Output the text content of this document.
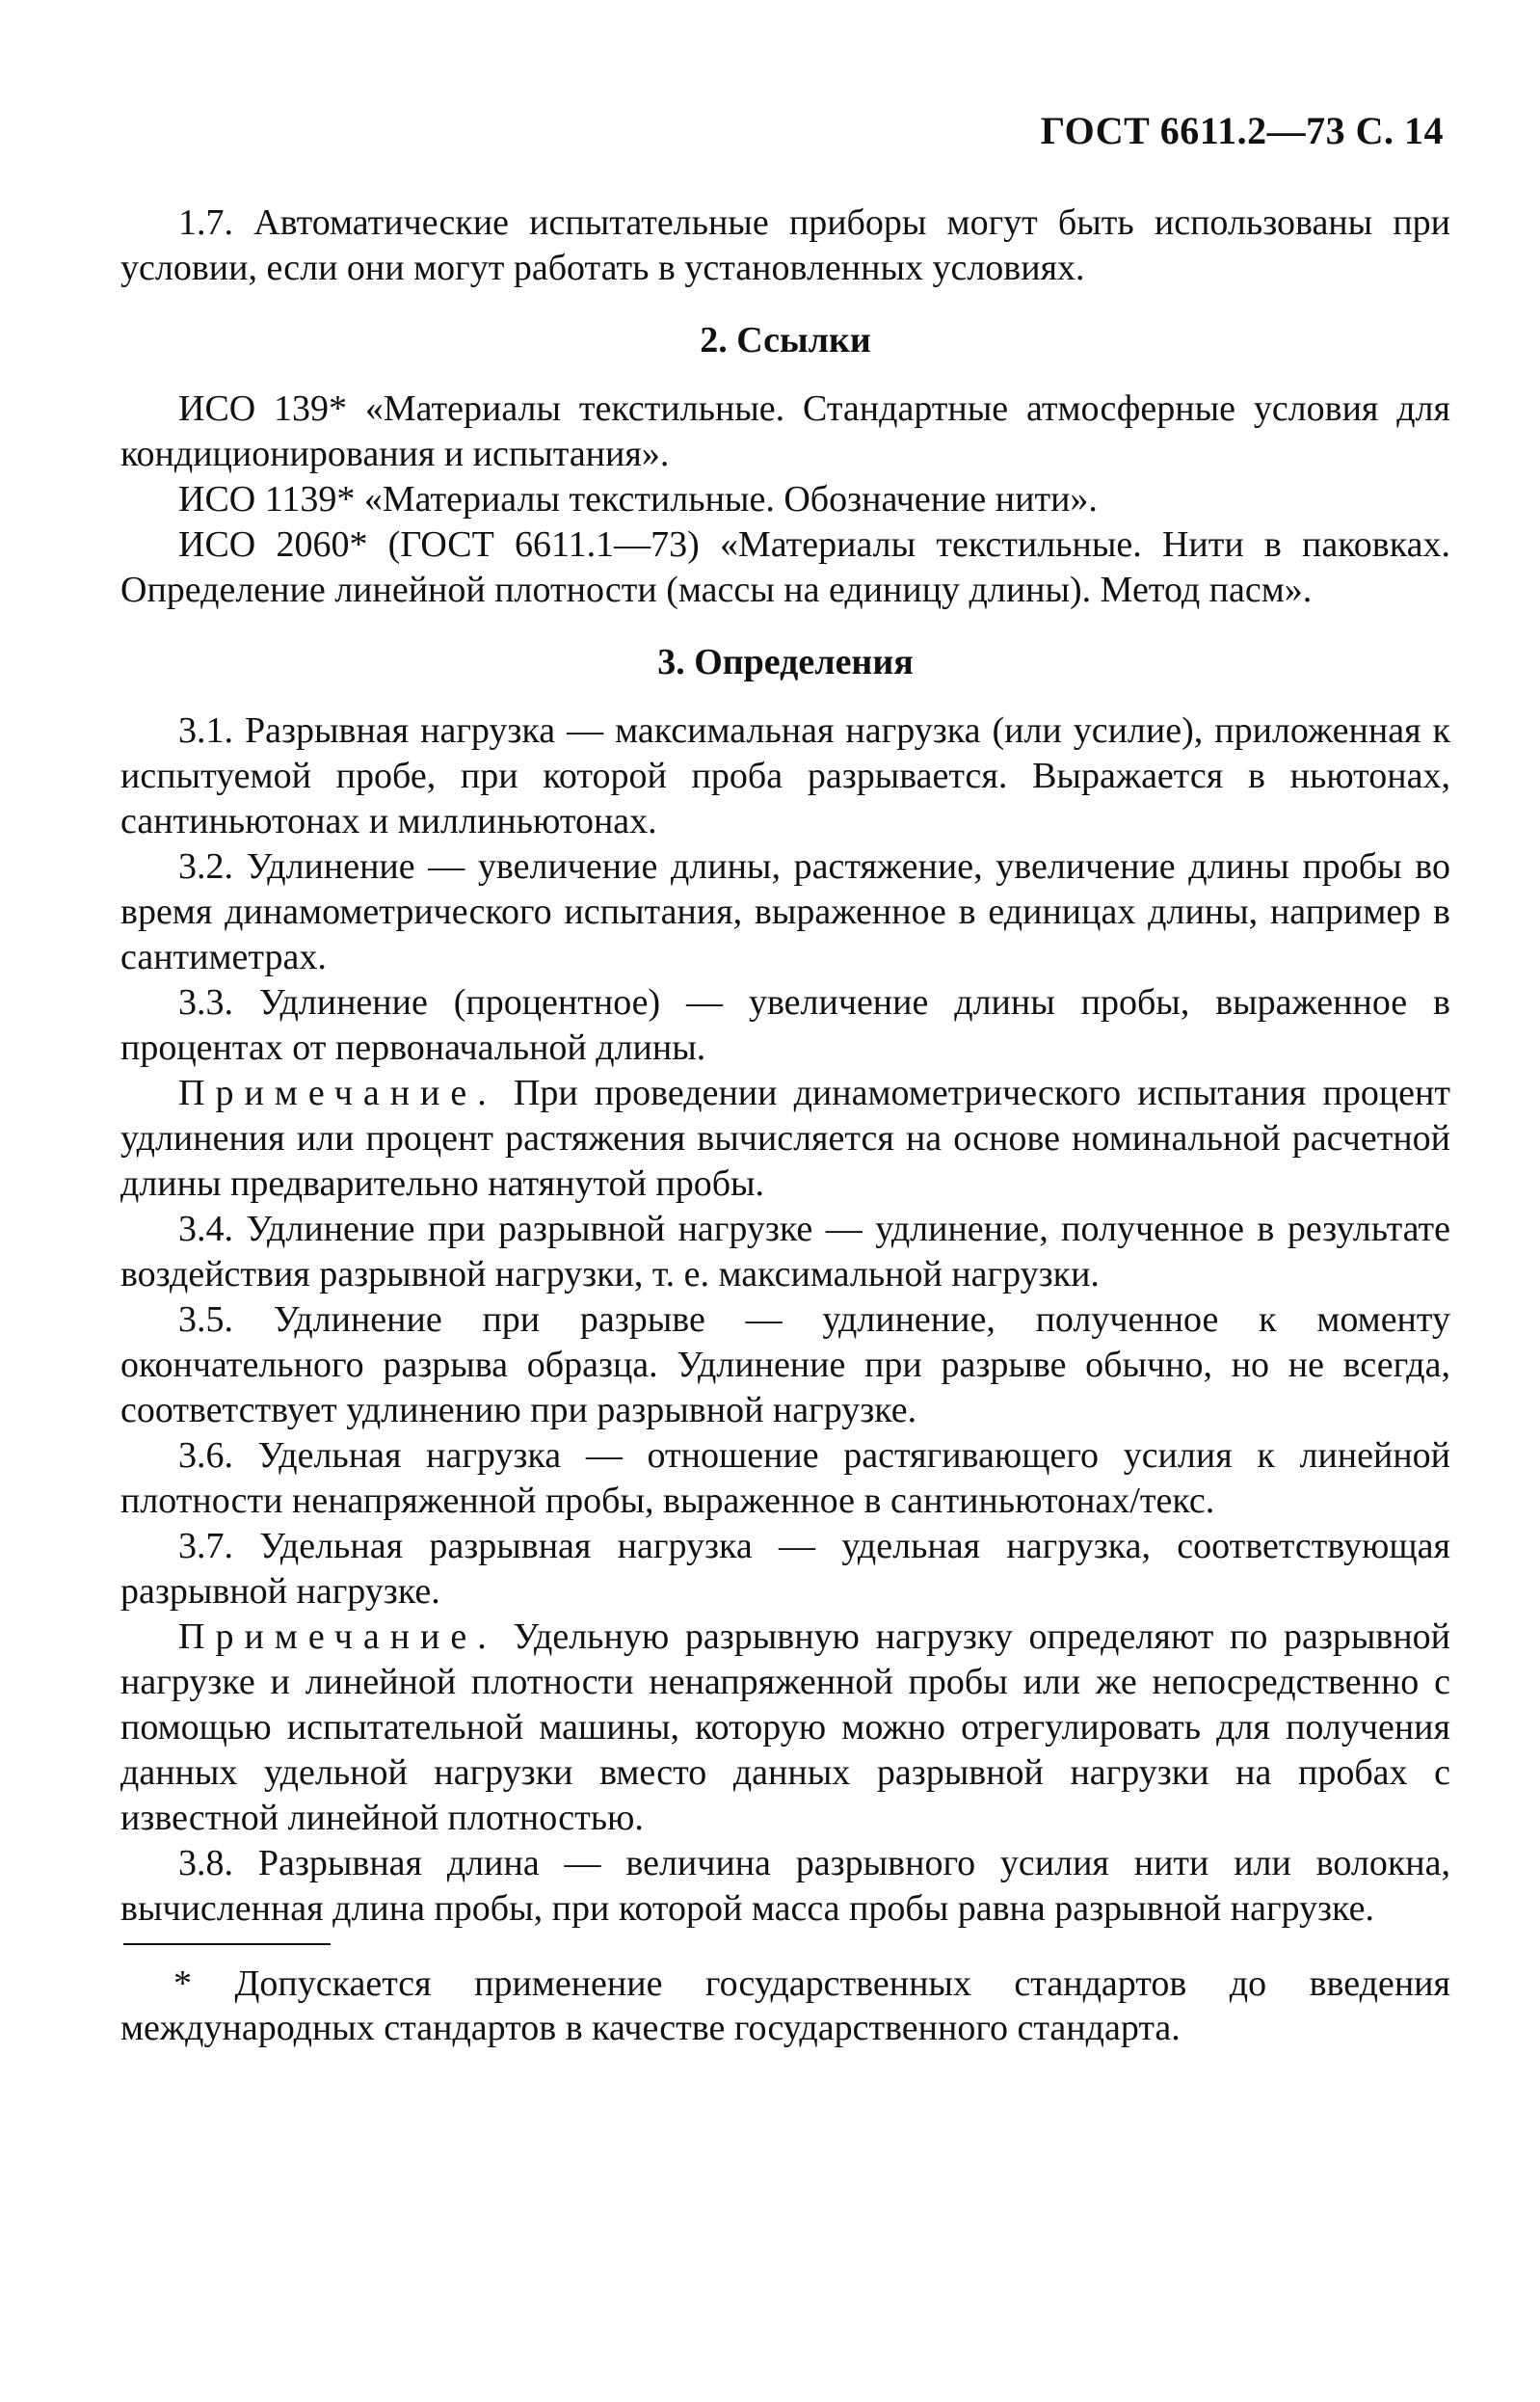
ГОСТ 6611.2—73 С. 14

1.7. Автоматические испытательные приборы могут быть использованы при условии, если они могут работать в установленных условиях.

2. Ссылки

ИСО 139* «Материалы текстильные. Стандартные атмосферные условия для кондиционирования и испытания».

ИСО 1139* «Материалы текстильные. Обозначение нити».

ИСО 2060* (ГОСТ 6611.1—73) «Материалы текстильные. Нити в паковках. Определение линейной плотности (массы на единицу длины). Метод пасм».

3. Определения

3.1. Разрывная нагрузка — максимальная нагрузка (или усилие), приложенная к испытуемой пробе, при которой проба разрывается. Выражается в ньютонах, сантиньютонах и миллиньютонах.

3.2. Удлинение — увеличение длины, растяжение, увеличение длины пробы во время динамометрического испытания, выраженное в единицах длины, например в сантиметрах.

3.3. Удлинение (процентное) — увеличение длины пробы, выраженное в процентах от первоначальной длины.

Примечание. При проведении динамометрического испытания процент удлинения или процент растяжения вычисляется на основе номинальной расчетной длины предварительно натянутой пробы.

3.4. Удлинение при разрывной нагрузке — удлинение, полученное в результате воздействия разрывной нагрузки, т. е. максимальной нагрузки.

3.5. Удлинение при разрыве — удлинение, полученное к моменту окончательного разрыва образца. Удлинение при разрыве обычно, но не всегда, соответствует удлинению при разрывной нагрузке.

3.6. Удельная нагрузка — отношение растягивающего усилия к линейной плотности ненапряженной пробы, выраженное в сантиньютонах/текс.

3.7. Удельная разрывная нагрузка — удельная нагрузка, соответствующая разрывной нагрузке.

Примечание. Удельную разрывную нагрузку определяют по разрывной нагрузке и линейной плотности ненапряженной пробы или же непосредственно с помощью испытательной машины, которую можно отрегулировать для получения данных удельной нагрузки вместо данных разрывной нагрузки на пробах с известной линейной плотностью.

3.8. Разрывная длина — величина разрывного усилия нити или волокна, вычисленная длина пробы, при которой масса пробы равна разрывной нагрузке.

* Допускается применение государственных стандартов до введения международных стандартов в качестве государственного стандарта.
